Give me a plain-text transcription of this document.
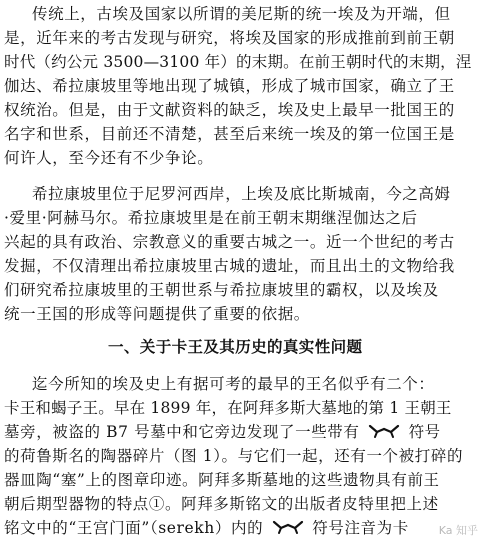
传统上，古埃及国家以所谓的美尼斯的统一埃及为开端，但
是，近年来的考古发现与研究，将埃及国家的形成推前到前王朝
时代（约公元 3500—3100 年）的末期。在前王朝时代的末期，涅
伽达、希拉康坡里等地出现了城镇，形成了城市国家，确立了王
权统治。但是，由于文献资料的缺乏，埃及史上最早一批国王的
名字和世系，目前还不清楚，甚至后来统一埃及的第一位国王是
何许人，至今还有不少争论。
希拉康坡里位于尼罗河西岸，上埃及底比斯城南，今之高姆
·爱里·阿赫马尔。希拉康坡里是在前王朝末期继涅伽达之后
兴起的具有政治、宗教意义的重要古城之一。近一个世纪的考古
发掘，不仅清理出希拉康坡里古城的遗址，而且出土的文物给我
们研究希拉康坡里的王朝世系与希拉康坡里的霸权，以及埃及
统一王国的形成等问题提供了重要的依据。
一、关于卡王及其历史的真实性问题
迄今所知的埃及史上有据可考的最早的王名似乎有二个：
卡王和蝎子王。早在 1899 年，在阿拜多斯大墓地的第 1 王朝王
墓旁，被盗的 B7 号墓中和它旁边发现了一些带有	符号
的荷鲁斯名的陶器碎片（图 1）。与它们一起，还有一个被打碎的
器皿陶“塞”上的图章印迹。阿拜多斯墓地的这些遗物具有前王
朝后期型器物的特点①。阿拜多斯铭文的出版者皮特里把上述
铭文中的“王宫门面”（serekh）内的	符号注音为卡	Ka 知乎
